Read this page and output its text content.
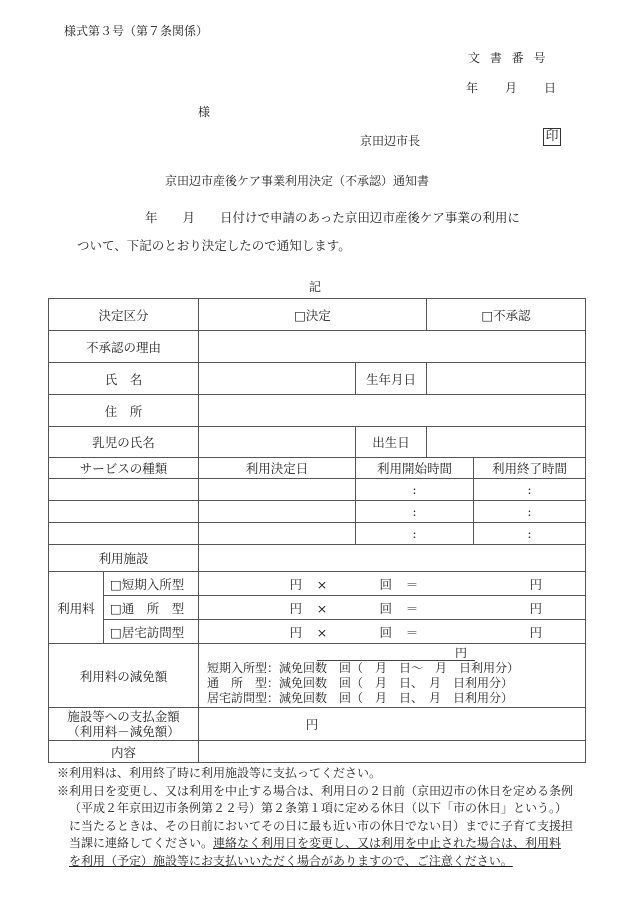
様式第３号（第７条関係）
文 書 番 号
年　　月　　日
様
京田辺市長	印
京田辺市産後ケア事業利用決定（不承認）通知書
年　　月　　日付けで申請のあった京田辺市産後ケア事業の利用に
ついて、下記のとおり決定したので通知します。
記
決定区分		□決定		□不承認	
不承認の理由					
氏　名			生年月日		
住　所					
乳児の氏名			出生日		
サービスの種類		利用決定日	利用開始時間		利用終了時間
			:		:
			:		:
			:		:
利用施設					
利用料	□短期入所型	円 × 回 ＝ 円			
	□通　所　型	円 × 回 ＝ 円			
	□居宅訪問型	円 × 回 ＝ 円			
利用料の減免額		円
短期入所型：減免回数　回（　月　日～　月　日利用分）
通　所　型：減免回数　回（　月　日、　月　日利用分）
居宅訪問型：減免回数　回（　月　日、　月　日利用分）			

施設等への支払金額
（利用料－減免額）		円			
内容					
※利用料は、利用終了時に利用施設等に支払ってください。
※利用日を変更し、又は利用を中止する場合は、利用日の２日前（京田辺市の休日を定める条例
（平成２年京田辺市条例第２２号）第２条第１項に定める休日（以下「市の休日」という。）
に当たるときは、その日前においてその日に最も近い市の休日でない日）までに子育て支援担
当課に連絡してください。連絡なく利用日を変更し、又は利用を中止された場合は、利用料
を利用（予定）施設等にお支払いいただく場合がありますので、ご注意ください。
